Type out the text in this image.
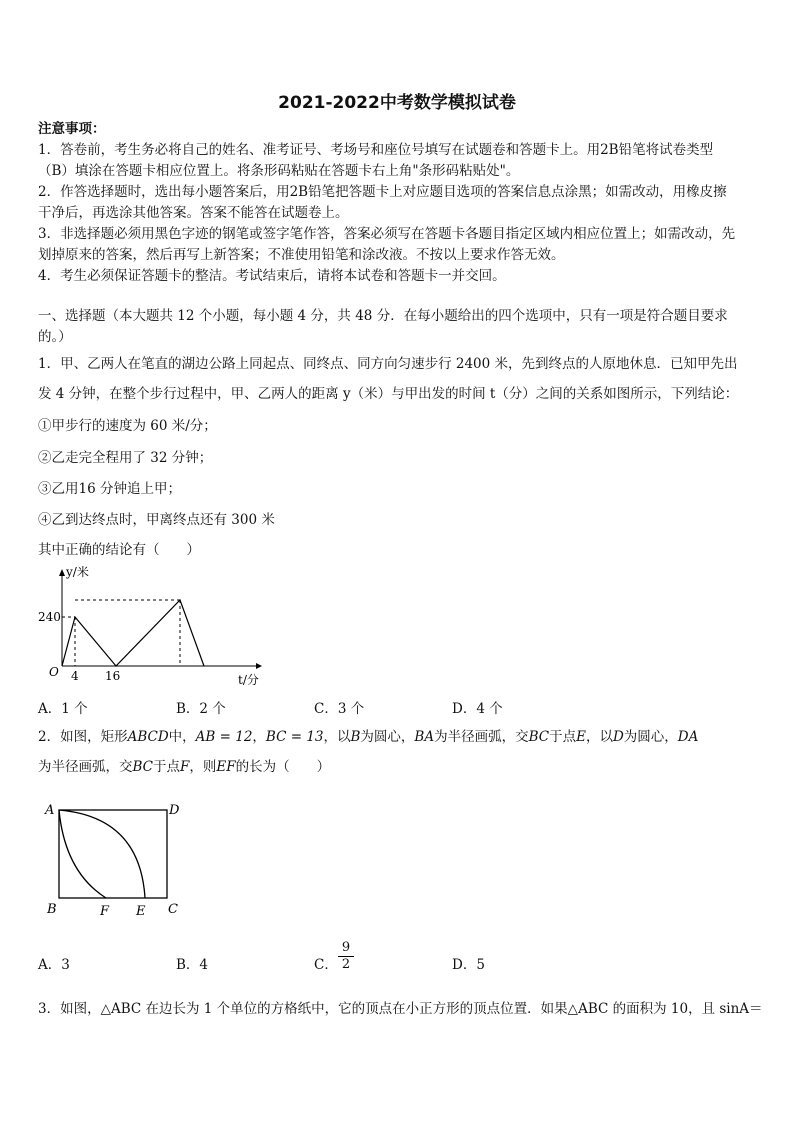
2021-2022中考数学模拟试卷
注意事项：
1．答卷前，考生务必将自己的姓名、准考证号、考场号和座位号填写在试题卷和答题卡上。用2B铅笔将试卷类型
（B）填涂在答题卡相应位置上。将条形码粘贴在答题卡右上角"条形码粘贴处"。
2．作答选择题时，选出每小题答案后，用2B铅笔把答题卡上对应题目选项的答案信息点涂黑；如需改动，用橡皮擦
干净后，再选涂其他答案。答案不能答在试题卷上。
3．非选择题必须用黑色字迹的钢笔或签字笔作答，答案必须写在答题卡各题目指定区域内相应位置上；如需改动，先
划掉原来的答案，然后再写上新答案；不准使用铅笔和涂改液。不按以上要求作答无效。
4．考生必须保证答题卡的整洁。考试结束后，请将本试卷和答题卡一并交回。
一、选择题（本大题共 12 个小题，每小题 4 分，共 48 分．在每小题给出的四个选项中，只有一项是符合题目要求
的。）
1．甲、乙两人在笔直的湖边公路上同起点、同终点、同方向匀速步行 2400 米，先到终点的人原地休息．已知甲先出
发 4 分钟，在整个步行过程中，甲、乙两人的距离 y（米）与甲出发的时间 t（分）之间的关系如图所示，下列结论：
①甲步行的速度为 60 米/分；
②乙走完全程用了 32 分钟；
③乙用16 分钟追上甲；
④乙到达终点时，甲离终点还有 300 米
其中正确的结论有（　　）
y/米
t/分
O
240
4 16
A．1 个	B．2 个	C．3 个	D．4 个
2．如图，矩形ABCD中，AB = 12，BC = 13，以B为圆心，BA为半径画弧，交BC于点E，以D为圆心，DA
为半径画弧，交BC于点F，则EF的长为（　　）
A	D
B	C
F E
A．3	B．4	C．
9
2	D．5
3．如图，△ABC 在边长为 1 个单位的方格纸中，它的顶点在小正方形的顶点位置．如果△ABC 的面积为 10，且 sinA＝
